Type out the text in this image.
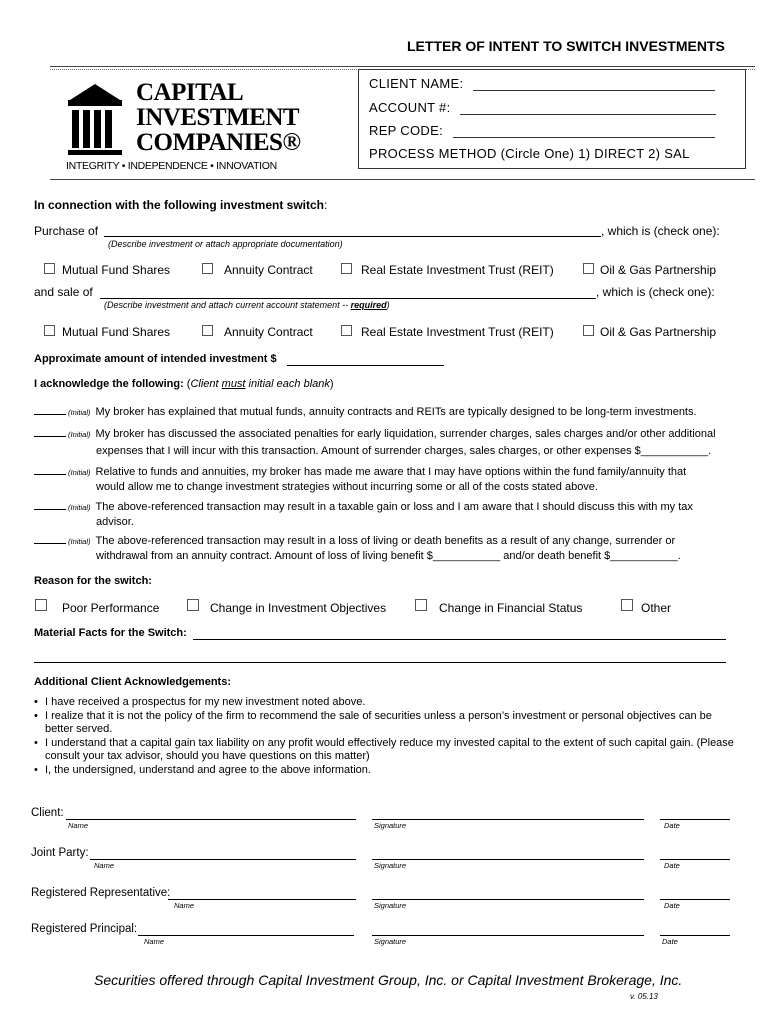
LETTER OF INTENT TO SWITCH INVESTMENTS
CAPITAL
INVESTMENT
COMPANIES®
INTEGRITY • INDEPENDENCE • INNOVATION
CLIENT NAME:
ACCOUNT #:
REP CODE:
PROCESS METHOD (Circle One) 1) DIRECT 2) SAL
In connection with the following investment switch:
Purchase of	, which is (check one):
(Describe investment or attach appropriate documentation)
Mutual Fund Shares	Annuity Contract	Real Estate Investment Trust (REIT)	Oil & Gas Partnership
and sale of	, which is (check one):
(Describe investment and attach current account statement -- required)
Mutual Fund Shares	Annuity Contract	Real Estate Investment Trust (REIT)	Oil & Gas Partnership
Approximate amount of intended investment $
I acknowledge the following: (Client must initial each blank)
(Initial) My broker has explained that mutual funds, annuity contracts and REITs are typically designed to be long-term investments.
(Initial) My broker has discussed the associated penalties for early liquidation, surrender charges, sales charges and/or other additional
expenses that I will incur with this transaction. Amount of surrender charges, sales charges, or other expenses $___________.
(Initial) Relative to funds and annuities, my broker has made me aware that I may have options within the fund family/annuity that
would allow me to change investment strategies without incurring some or all of the costs stated above.
(Initial) The above-referenced transaction may result in a taxable gain or loss and I am aware that I should discuss this with my tax
advisor.
(Initial) The above-referenced transaction may result in a loss of living or death benefits as a result of any change, surrender or
withdrawal from an annuity contract. Amount of loss of living benefit $___________ and/or death benefit $___________.
Reason for the switch:
Poor Performance	Change in Investment Objectives	Change in Financial Status	Other
Material Facts for the Switch:
Additional Client Acknowledgements:
• I have received a prospectus for my new investment noted above.
• I realize that it is not the policy of the firm to recommend the sale of securities unless a person’s investment or personal objectives can be better served.
• I understand that a capital gain tax liability on any profit would effectively reduce my invested capital to the extent of such capital gain. (Please consult your tax advisor, should you have questions on this matter)
• I, the undersigned, understand and agree to the above information.
Client:
Name	Signature	Date
Joint Party:
Name	Signature	Date
Registered Representative:
Name	Signature	Date
Registered Principal:
Name	Signature	Date
Securities offered through Capital Investment Group, Inc. or Capital Investment Brokerage, Inc.
v. 05.13
